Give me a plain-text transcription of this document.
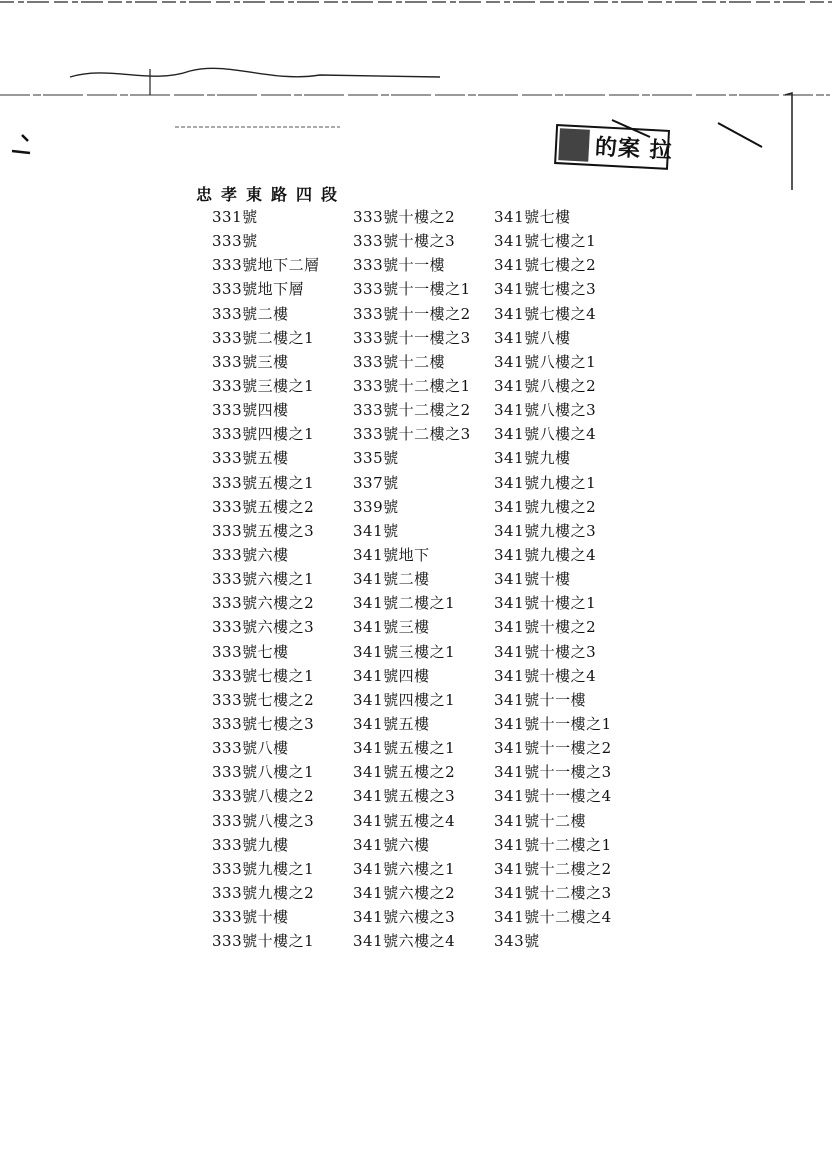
的案 拉
忠孝東路四段
331號
333號
333號地下二層
333號地下層
333號二樓
333號二樓之1
333號三樓
333號三樓之1
333號四樓
333號四樓之1
333號五樓
333號五樓之1
333號五樓之2
333號五樓之3
333號六樓
333號六樓之1
333號六樓之2
333號六樓之3
333號七樓
333號七樓之1
333號七樓之2
333號七樓之3
333號八樓
333號八樓之1
333號八樓之2
333號八樓之3
333號九樓
333號九樓之1
333號九樓之2
333號十樓
333號十樓之1
333號十樓之2
333號十樓之3
333號十一樓
333號十一樓之1
333號十一樓之2
333號十一樓之3
333號十二樓
333號十二樓之1
333號十二樓之2
333號十二樓之3
335號
337號
339號
341號
341號地下
341號二樓
341號二樓之1
341號三樓
341號三樓之1
341號四樓
341號四樓之1
341號五樓
341號五樓之1
341號五樓之2
341號五樓之3
341號五樓之4
341號六樓
341號六樓之1
341號六樓之2
341號六樓之3
341號六樓之4
341號七樓
341號七樓之1
341號七樓之2
341號七樓之3
341號七樓之4
341號八樓
341號八樓之1
341號八樓之2
341號八樓之3
341號八樓之4
341號九樓
341號九樓之1
341號九樓之2
341號九樓之3
341號九樓之4
341號十樓
341號十樓之1
341號十樓之2
341號十樓之3
341號十樓之4
341號十一樓
341號十一樓之1
341號十一樓之2
341號十一樓之3
341號十一樓之4
341號十二樓
341號十二樓之1
341號十二樓之2
341號十二樓之3
341號十二樓之4
343號
